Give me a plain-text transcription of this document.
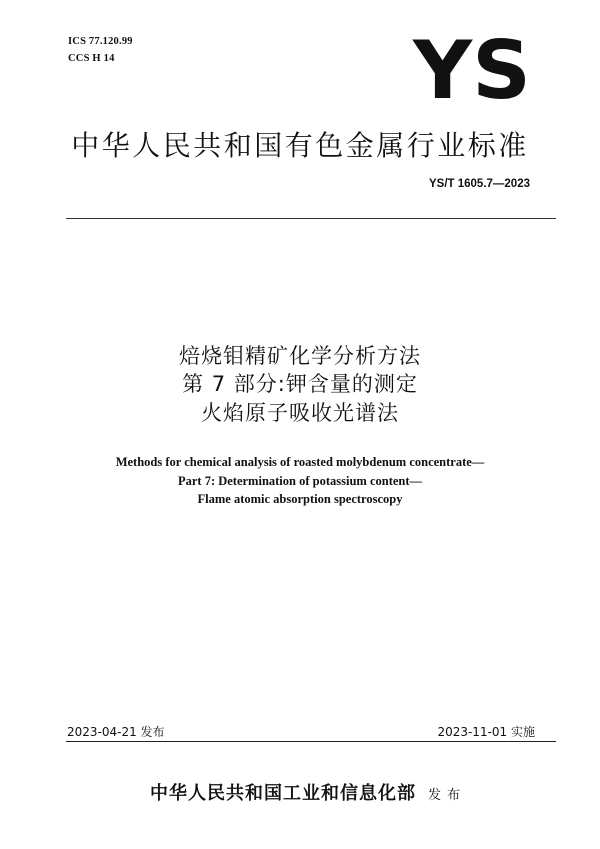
ICS 77.120.99
CCS H 14	YS
中华人民共和国有色金属行业标准
YS/T 1605.7—2023
焙烧钼精矿化学分析方法
第 7 部分:钾含量的测定
火焰原子吸收光谱法
Methods for chemical analysis of roasted molybdenum concentrate—
Part 7: Determination of potassium content—
Flame atomic absorption spectroscopy
2023-04-21 发布	2023-11-01 实施
中华人民共和国工业和信息化部 发 布
